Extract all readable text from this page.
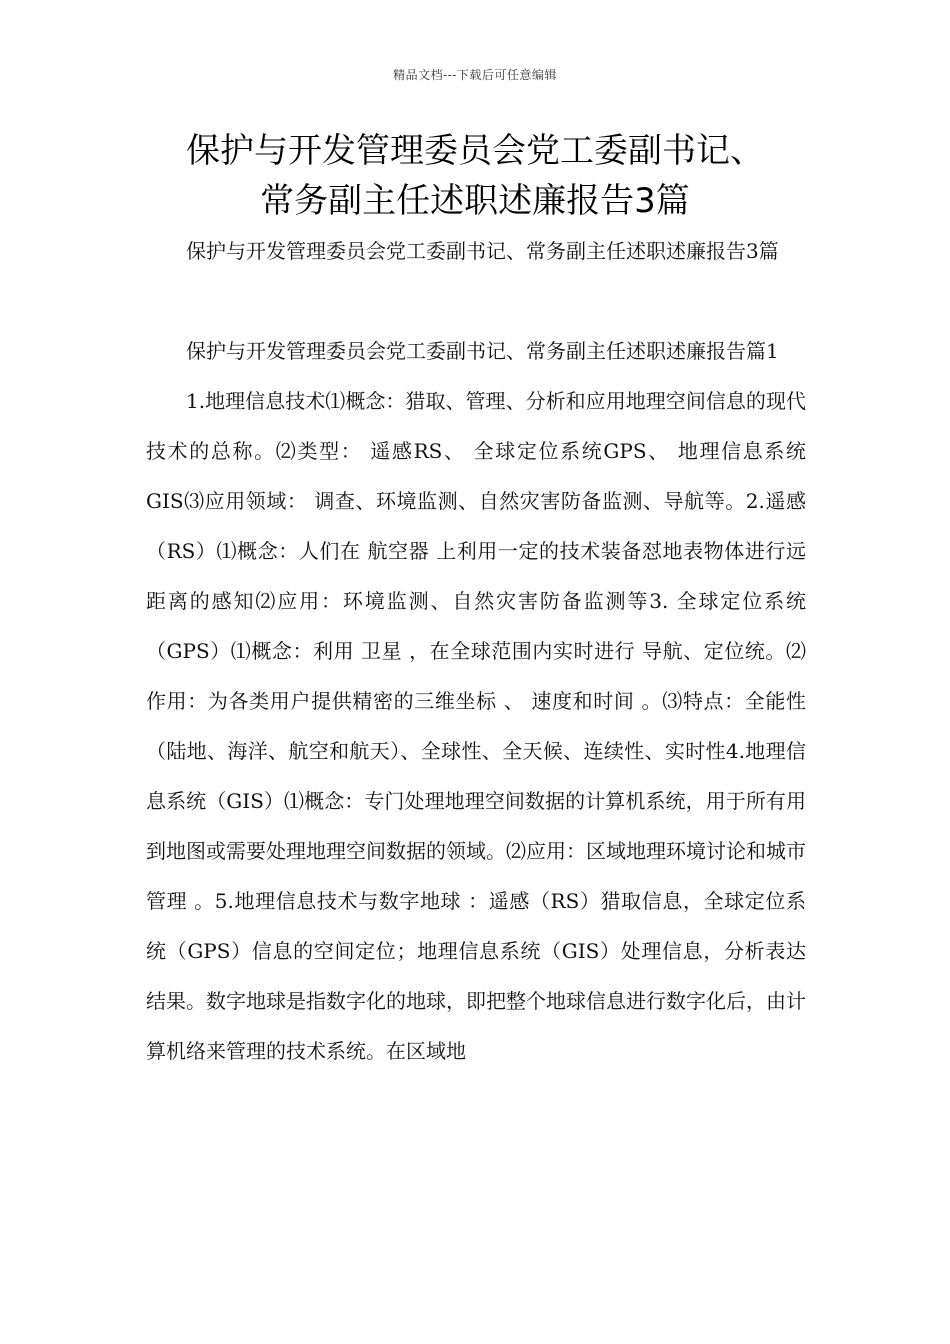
精品文档---下载后可任意编辑
保护与开发管理委员会党工委副书记、
常务副主任述职述廉报告3篇

保护与开发管理委员会党工委副书记、常务副主任述职述廉报告3篇

保护与开发管理委员会党工委副书记、常务副主任述职述廉报告篇1

1.地理信息技术⑴概念：猎取、管理、分析和应用地理空间信息的现代技术的总称。⑵类型： 遥感RS、 全球定位系统GPS、 地理信息系统GIS⑶应用领域： 调查、环境监测、自然灾害防备监测、导航等。2.遥感 （RS）⑴概念：人们在 航空器 上利用一定的技术装备怼地表物体进行远距离的感知⑵应用：环境监测、自然灾害防备监测等3. 全球定位系统 （GPS）⑴概念：利用 卫星 ，在全球范围内实时进行 导航、定位统。⑵作用：为各类用户提供精密的三维坐标 、 速度和时间 。⑶特点：全能性（陆地、海洋、航空和航天）、全球性、全天候、连续性、实时性4.地理信息系统（GIS）⑴概念：专门处理地理空间数据的计算机系统，用于所有用到地图或需要处理地理空间数据的领域。⑵应用：区域地理环境讨论和城市管理 。5.地理信息技术与数字地球 ：遥感（RS）猎取信息，全球定位系统（GPS）信息的空间定位；地理信息系统（GIS）处理信息，分析表达结果。数字地球是指数字化的地球，即把整个地球信息进行数字化后，由计算机络来管理的技术系统。在区域地
